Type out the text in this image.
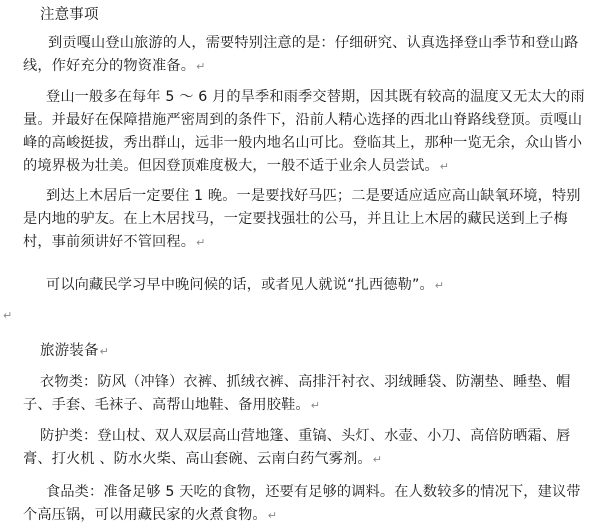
注意事项
到贡嘎山登山旅游的人，需要特别注意的是：仔细研究、认真选择登山季节和登山路
线，作好充分的物资准备。↵
登山一般多在每年 5 ～ 6 月的旱季和雨季交替期，因其既有较高的温度又无太大的雨
量。并最好在保障措施严密周到的条件下，沿前人精心选择的西北山脊路线登顶。贡嘎山
峰的高峻挺拔，秀出群山，远非一般内地名山可比。登临其上，那种一览无余，众山皆小
的境界极为壮美。但因登顶难度极大，一般不适于业余人员尝试。↵
到达上木居后一定要住 1 晚。一是要找好马匹；二是要适应适应高山缺氧环境，特别
是内地的驴友。在上木居找马，一定要找强壮的公马，并且让上木居的藏民送到上子梅
村，事前须讲好不管回程。↵
可以向藏民学习早中晚问候的话，或者见人就说“扎西德勒”。↵
↵
旅游装备↵
衣物类：防风（冲锋）衣裤、抓绒衣裤、高排汗衬衣、羽绒睡袋、防潮垫、睡垫、帽
子、手套、毛袜子、高帮山地鞋、备用胶鞋。↵
防护类：登山杖、双人双层高山营地篷、重镐、头灯、水壶、小刀、高倍防晒霜、唇
膏、打火机 、防水火柴、高山套碗、云南白药气雾剂。↵
食品类：准备足够 5 天吃的食物，还要有足够的调料。在人数较多的情况下，建议带
个高压锅，可以用藏民家的火煮食物。↵
